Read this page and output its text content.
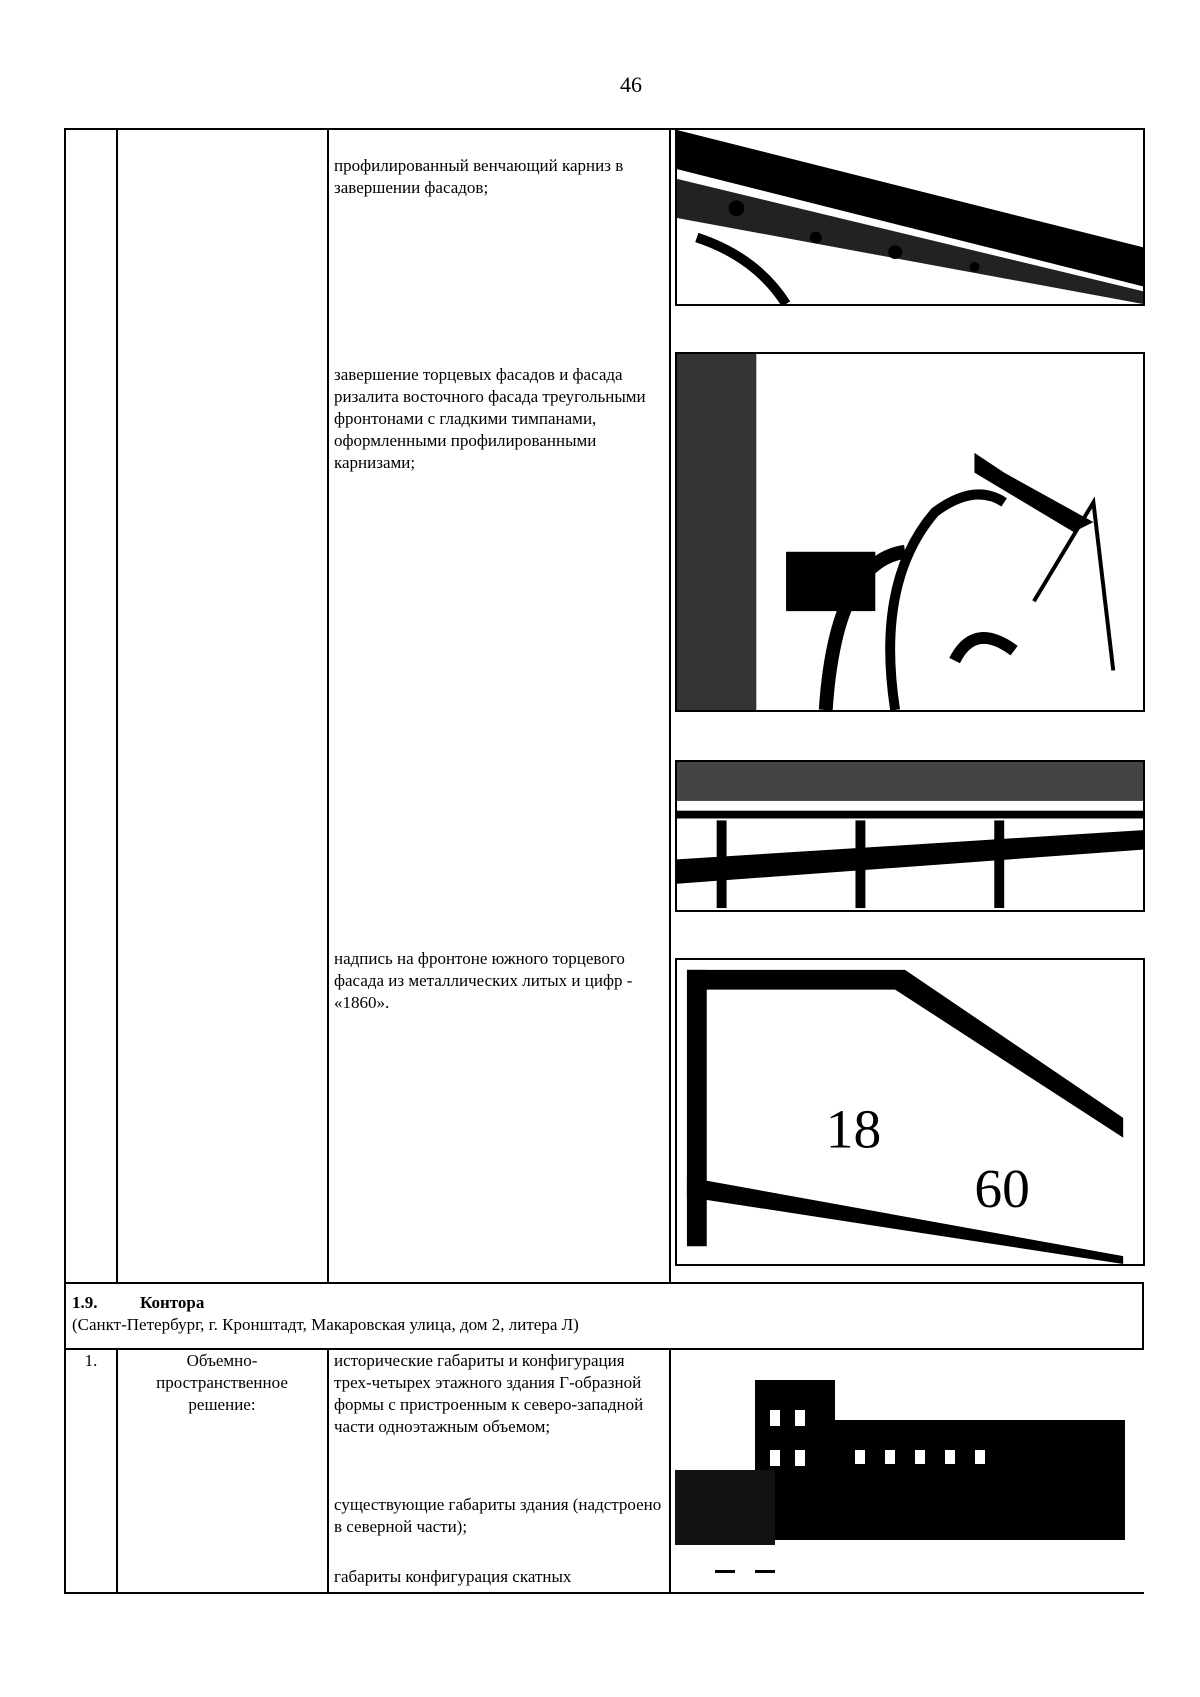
46
профилированный венчающий карниз в завершении фасадов;
завершение торцевых фасадов и фасада ризалита восточного фасада треугольными фронтонами с гладкими тимпанами, оформленными профилированными карнизами;
надпись на фронтоне южного торцевого фасада из металлических литых и цифр - «1860».
18
60
1.9.	Контора
(Санкт-Петербург, г. Кронштадт, Макаровская улица, дом 2, литера Л)
1.	Объемно-
пространственное
решение:
исторические габариты и конфигурация трех-четырех этажного здания Г-образной формы с пристроенным к северо-западной части одноэтажным объемом;
существующие габариты здания (надстроено в северной части);
габариты конфигурация скатных
